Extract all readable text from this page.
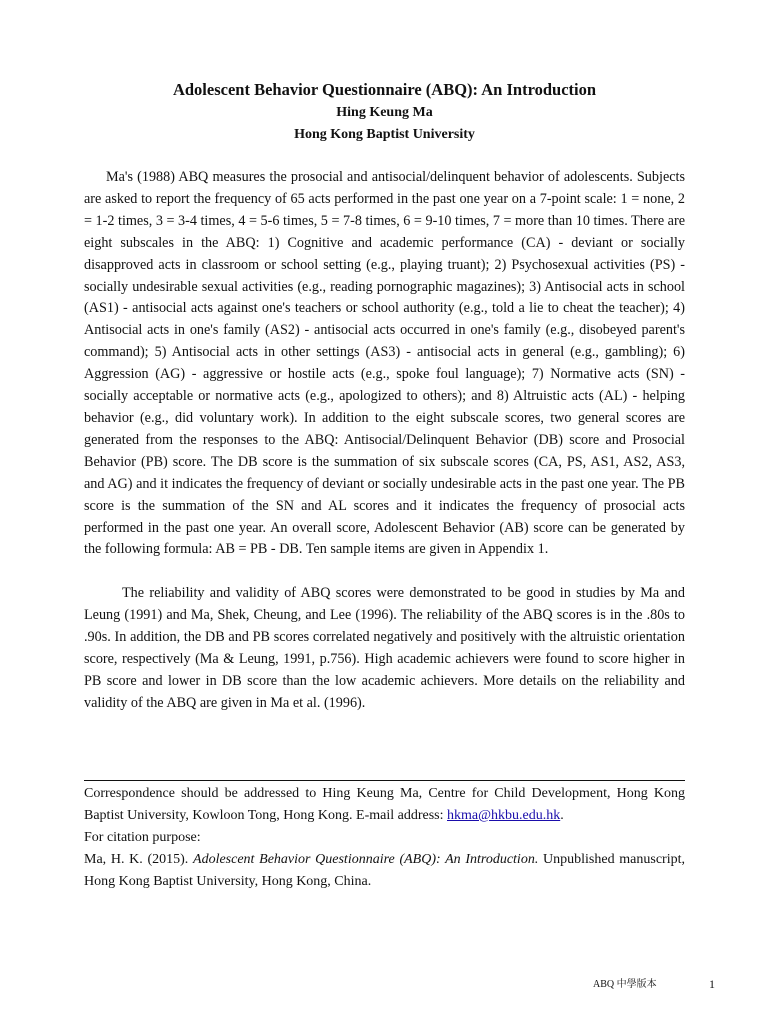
Adolescent Behavior Questionnaire (ABQ): An Introduction

Hing Keung Ma

Hong Kong Baptist University

Ma's (1988) ABQ measures the prosocial and antisocial/delinquent behavior of adolescents. Subjects are asked to report the frequency of 65 acts performed in the past one year on a 7-point scale: 1 = none, 2 = 1-2 times, 3 = 3-4 times, 4 = 5-6 times, 5 = 7-8 times, 6 = 9-10 times, 7 = more than 10 times. There are eight subscales in the ABQ: 1) Cognitive and academic performance (CA) - deviant or socially disapproved acts in classroom or school setting (e.g., playing truant); 2) Psychosexual activities (PS) - socially undesirable sexual activities (e.g., reading pornographic magazines); 3) Antisocial acts in school (AS1) - antisocial acts against one's teachers or school authority (e.g., told a lie to cheat the teacher); 4) Antisocial acts in one's family (AS2) - antisocial acts occurred in one's family (e.g., disobeyed parent's command); 5) Antisocial acts in other settings (AS3) - antisocial acts in general (e.g., gambling); 6) Aggression (AG) - aggressive or hostile acts (e.g., spoke foul language); 7) Normative acts (SN) - socially acceptable or normative acts (e.g., apologized to others); and 8) Altruistic acts (AL) - helping behavior (e.g., did voluntary work). In addition to the eight subscale scores, two general scores are generated from the responses to the ABQ: Antisocial/Delinquent Behavior (DB) score and Prosocial Behavior (PB) score. The DB score is the summation of six subscale scores (CA, PS, AS1, AS2, AS3, and AG) and it indicates the frequency of deviant or socially undesirable acts in the past one year. The PB score is the summation of the SN and AL scores and it indicates the frequency of prosocial acts performed in the past one year. An overall score, Adolescent Behavior (AB) score can be generated by the following formula: AB = PB - DB. Ten sample items are given in Appendix 1.

The reliability and validity of ABQ scores were demonstrated to be good in studies by Ma and Leung (1991) and Ma, Shek, Cheung, and Lee (1996). The reliability of the ABQ scores is in the .80s to .90s. In addition, the DB and PB scores correlated negatively and positively with the altruistic orientation score, respectively (Ma & Leung, 1991, p.756). High academic achievers were found to score higher in PB score and lower in DB score than the low academic achievers. More details on the reliability and validity of the ABQ are given in Ma et al. (1996).

Correspondence should be addressed to Hing Keung Ma, Centre for Child Development, Hong Kong Baptist University, Kowloon Tong, Hong Kong. E-mail address: hkma@hkbu.edu.hk.

For citation purpose:

Ma, H. K. (2015). Adolescent Behavior Questionnaire (ABQ): An Introduction. Unpublished manuscript, Hong Kong Baptist University, Hong Kong, China.

ABQ 中學版本	1
